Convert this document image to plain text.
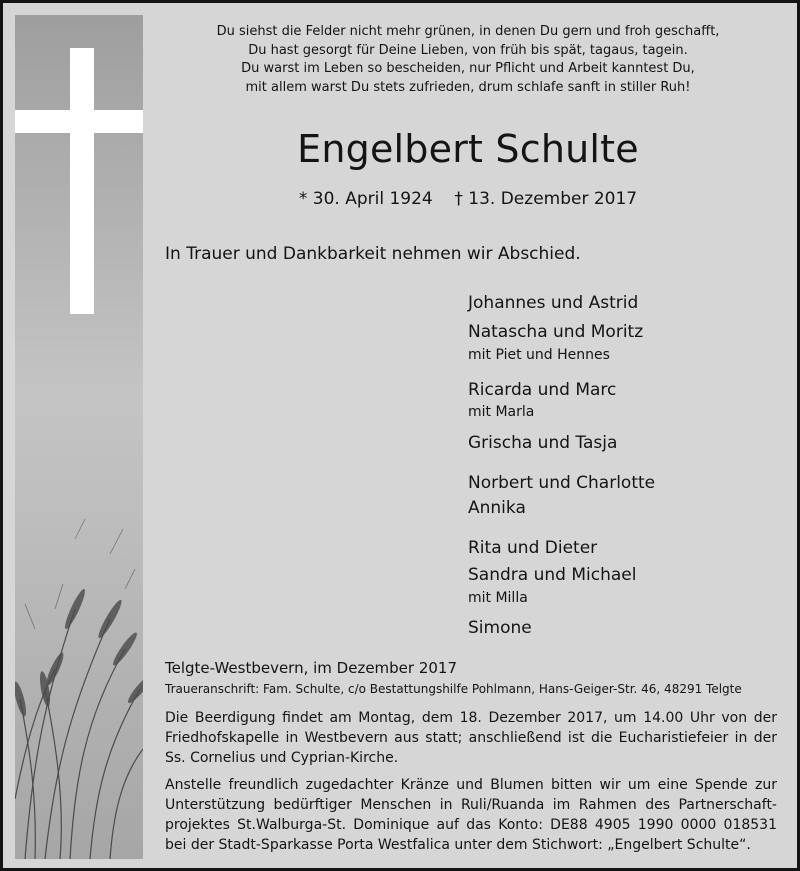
Du siehst die Felder nicht mehr grünen, in denen Du gern und froh geschafft,
Du hast gesorgt für Deine Lieben, von früh bis spät, tagaus, tagein.
Du warst im Leben so bescheiden, nur Pflicht und Arbeit kanntest Du,
mit allem warst Du stets zufrieden, drum schlafe sanft in stiller Ruh!
Engelbert Schulte
* 30. April 1924 † 13. Dezember 2017
In Trauer und Dankbarkeit nehmen wir Abschied.
Johannes und Astrid
Natascha und Moritz
mit Piet und Hennes
Ricarda und Marc
mit Marla
Grischa und Tasja
Norbert und Charlotte
Annika
Rita und Dieter
Sandra und Michael
mit Milla
Simone
Telgte-Westbevern, im Dezember 2017
Traueranschrift: Fam. Schulte, c/o Bestattungshilfe Pohlmann, Hans-Geiger-Str. 46, 48291 Telgte
Die Beerdigung findet am Montag, dem 18. Dezember 2017, um 14.00 Uhr von der
Friedhofskapelle in Westbevern aus statt; anschließend ist die Eucharistiefeier in der
Ss. Cornelius und Cyprian-Kirche.
Anstelle freundlich zugedachter Kränze und Blumen bitten wir um eine Spende zur
Unterstützung bedürftiger Menschen in Ruli/Ruanda im Rahmen des Partnerschaft-
projektes St.Walburga-St. Dominique auf das Konto: DE88 4905 1990 0000 018531
bei der Stadt-Sparkasse Porta Westfalica unter dem Stichwort: „Engelbert Schulte“.
